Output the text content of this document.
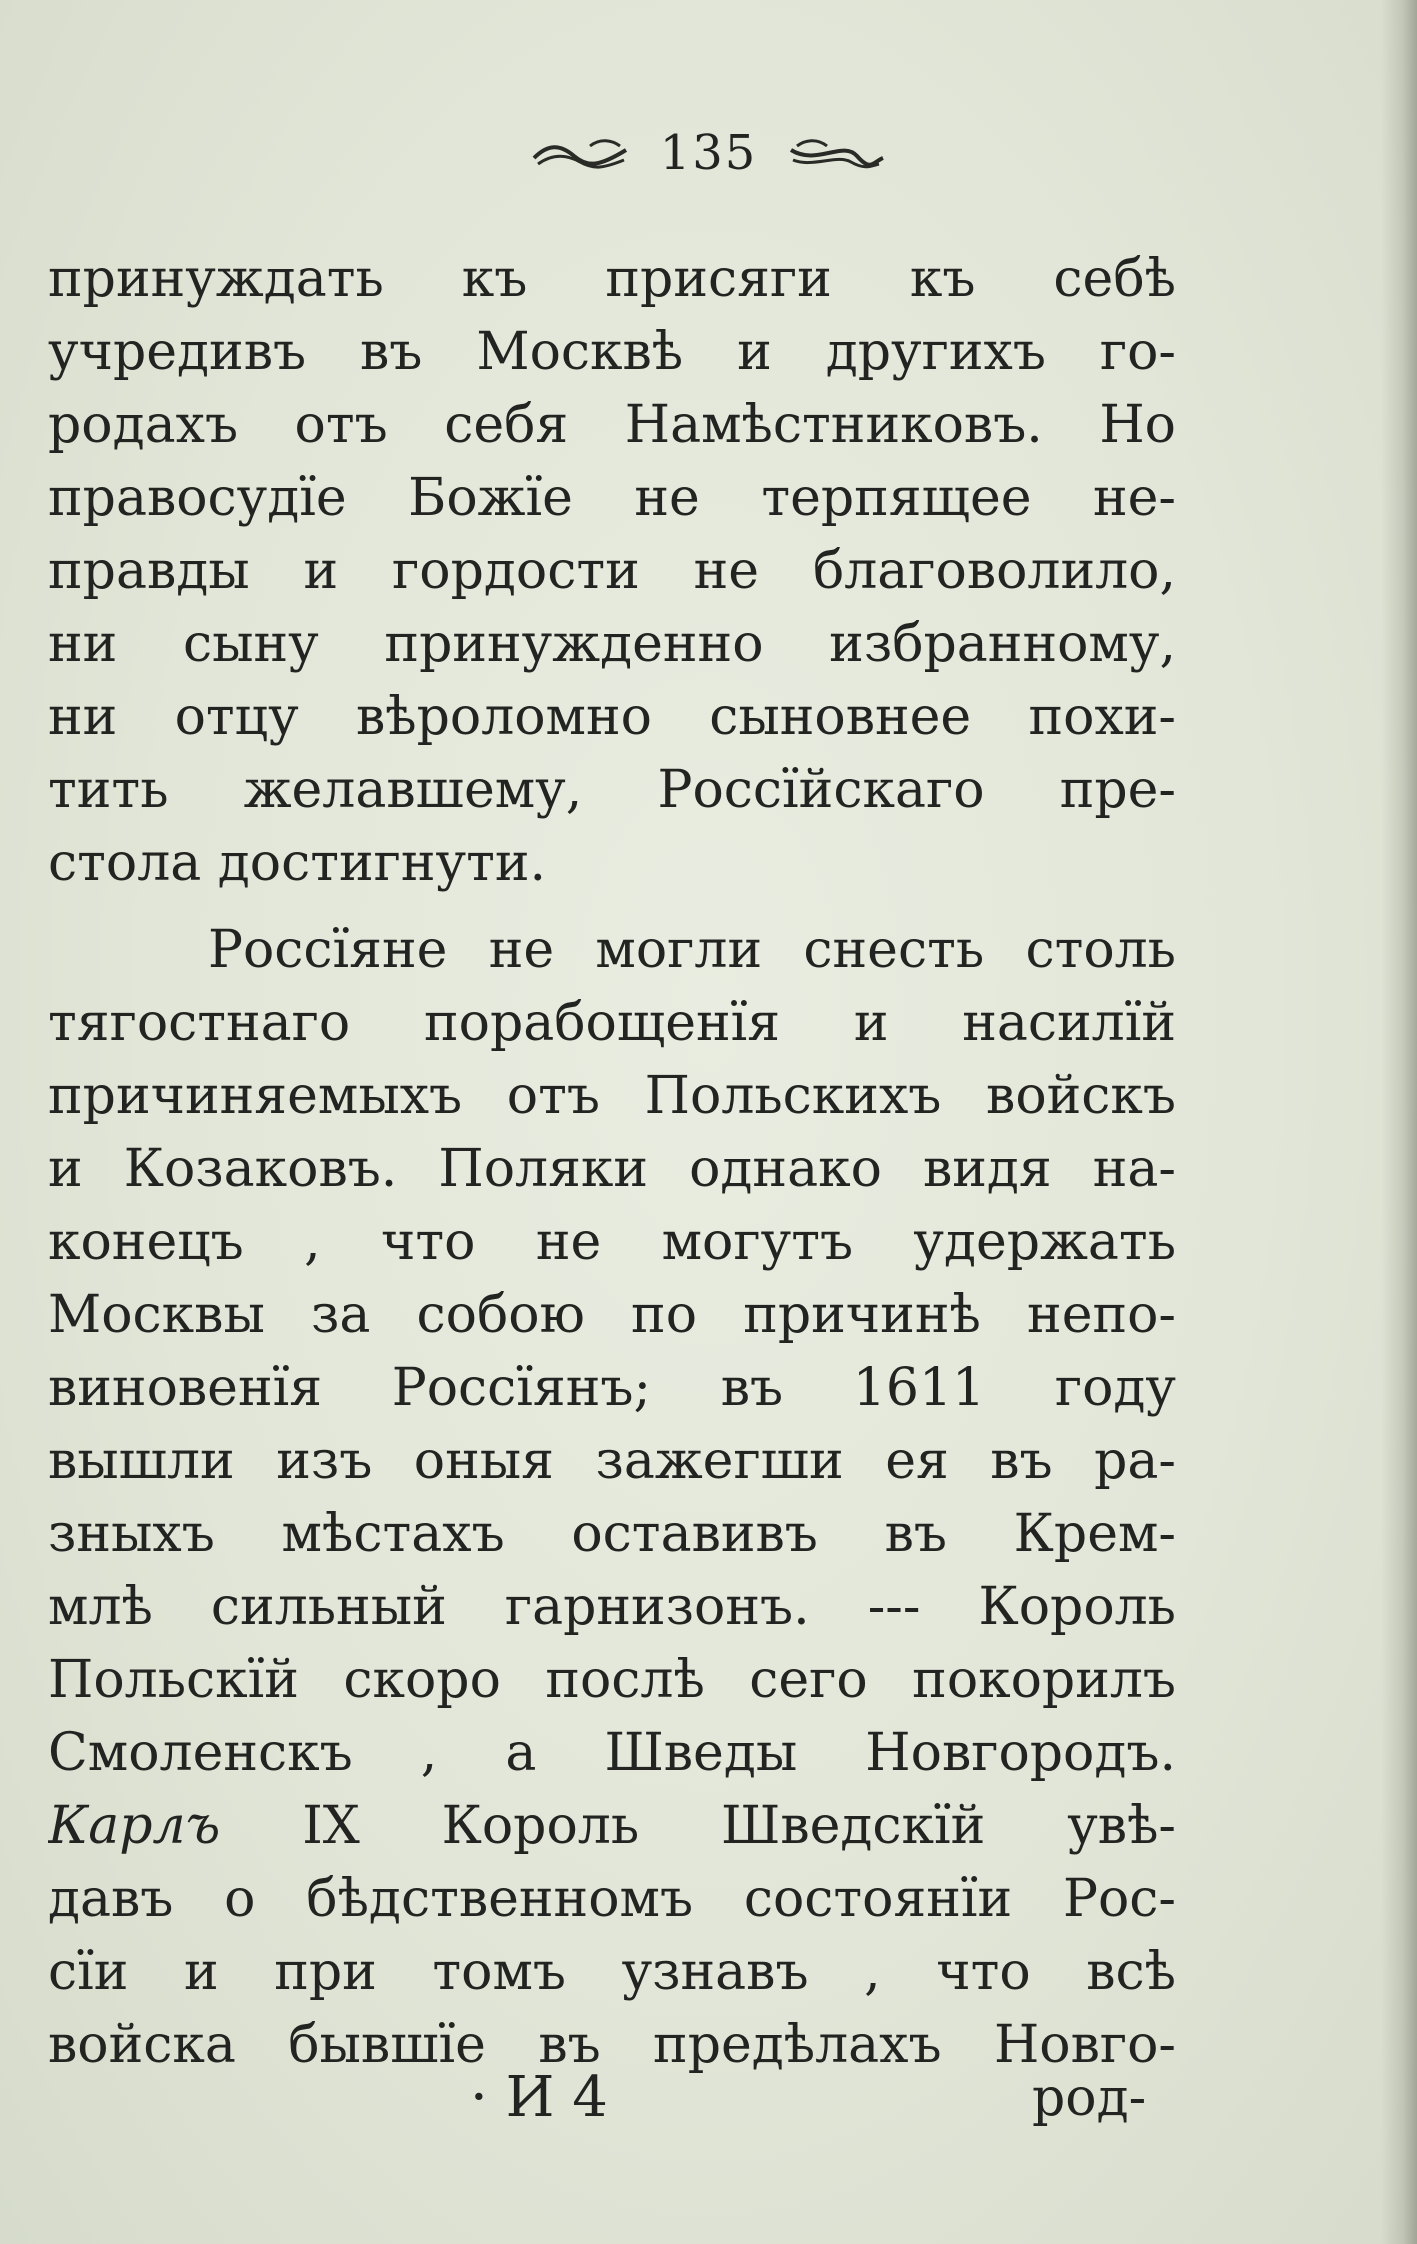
135
принуждать къ присяги къ себѣ
учредивъ въ Москвѣ и другихъ го-
родахъ отъ себя Намѣстниковъ. Но
правосудїе Божїе не терпящее не-
правды и гордости не благоволило,
ни сыну принужденно избранному,
ни отцу вѣроломно сыновнее похи-
тить желавшему, Россїйскаго пре-
стола достигнути.
Россїяне не могли снесть столь
тягостнаго порабощенїя и насилїй
причиняемыхъ отъ Польскихъ войскъ
и Козаковъ. Поляки однако видя на-
конецъ , что не могутъ удержать
Москвы за собою по причинѣ непо-
виновенїя Россїянъ; въ 1611 году
вышли изъ оныя зажегши ея въ ра-
зныхъ мѣстахъ оставивъ въ Крем-
млѣ сильный гарнизонъ. --- Король
Польскїй скоро послѣ сего покорилъ
Смоленскъ , а Шведы Новгородъ.
Карлъ IX Король Шведскїй увѣ-
давъ о бѣдственномъ состоянїи Рос-
сїи и при томъ узнавъ , что всѣ
войска бывшїе въ предѣлахъ Новго-
· И 4	род-
